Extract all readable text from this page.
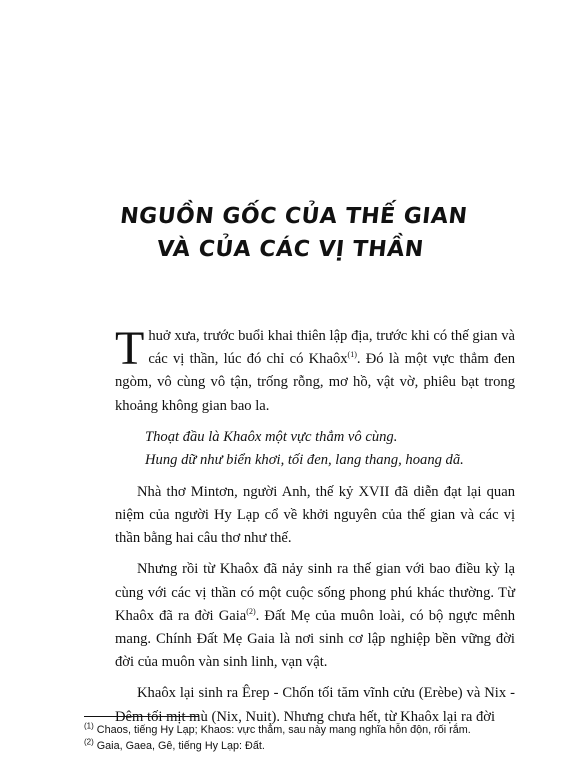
NGUỒN GỐC CỦA THẾ GIAN
VÀ CỦA CÁC VỊ THẦN

Thuở xưa, trước buổi khai thiên lập địa, trước khi có thế gian và các vị thần, lúc đó chỉ có Khaôx$^{(1)}$. Đó là một vực thẳm đen ngòm, vô cùng vô tận, trống rỗng, mơ hồ, vật vờ, phiêu bạt trong khoảng không gian bao la.

Thoạt đầu là Khaôx một vực thẳm vô cùng.
Hung dữ như biển khơi, tối đen, lang thang, hoang dã.

Nhà thơ Mintơn, người Anh, thế kỷ XVII đã diễn đạt lại quan niệm của người Hy Lạp cổ về khởi nguyên của thế gian và các vị thần bằng hai câu thơ như thế.

Nhưng rồi từ Khaôx đã nảy sinh ra thế gian với bao điều kỳ lạ cùng với các vị thần có một cuộc sống phong phú khác thường. Từ Khaôx đã ra đời Gaia$^{(2)}$. Đất Mẹ của muôn loài, có bộ ngực mênh mang. Chính Đất Mẹ Gaia là nơi sinh cơ lập nghiệp bền vững đời đời của muôn vàn sinh linh, vạn vật.

Khaôx lại sinh ra Êrep - Chốn tối tăm vĩnh cửu (Erèbe) và Nix - Đêm tối mịt mù (Nix, Nuit). Nhưng chưa hết, từ Khaôx lại ra đời

$^{(1)}$ Chaos, tiếng Hy Lạp; Khaos: vực thẳm, sau này mang nghĩa hỗn độn, rối rắm.
$^{(2)}$ Gaia, Gaea, Gê, tiếng Hy Lạp: Đất.
